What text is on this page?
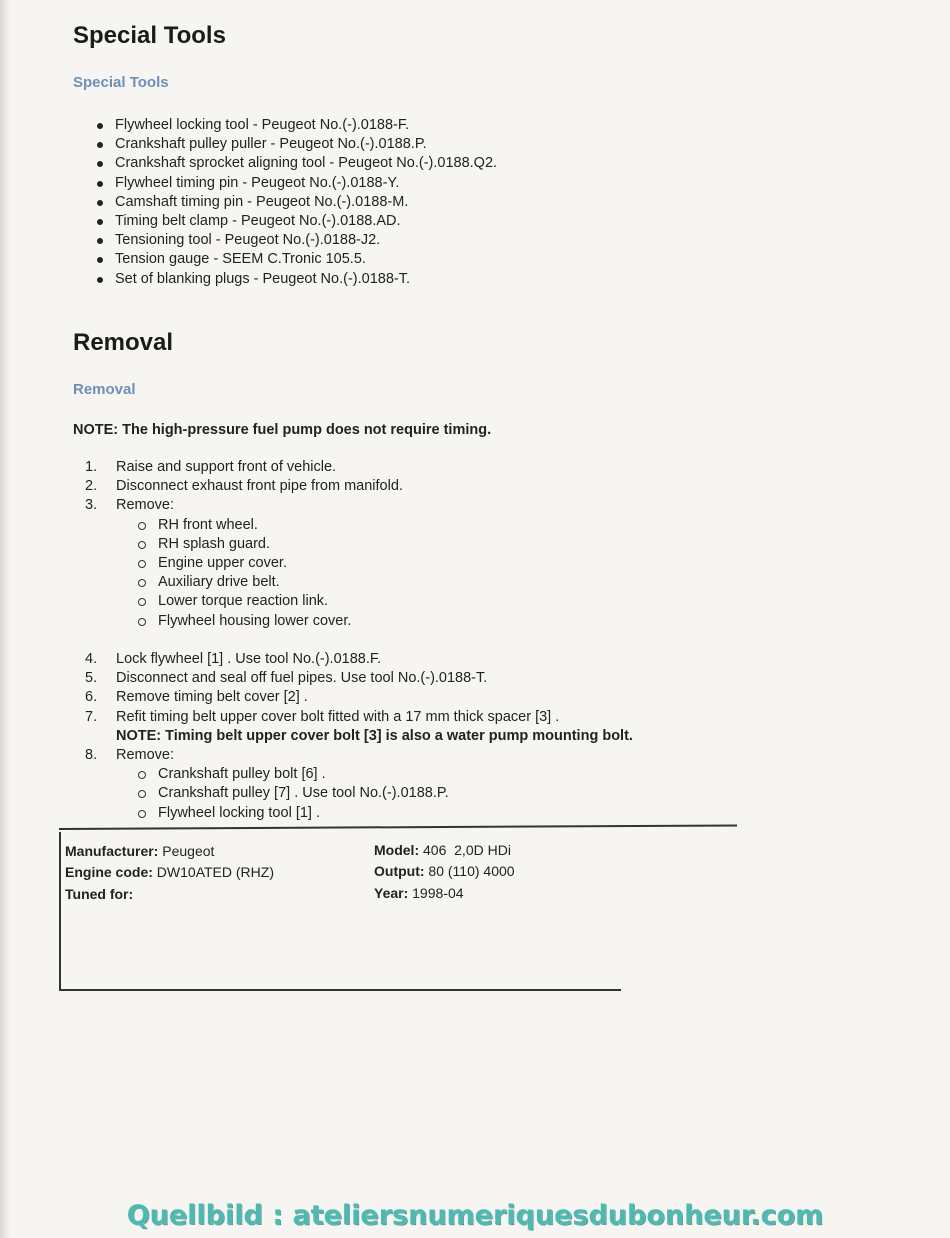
Special Tools
Special Tools
Flywheel locking tool - Peugeot No.(-).0188-F.
Crankshaft pulley puller - Peugeot No.(-).0188.P.
Crankshaft sprocket aligning tool - Peugeot No.(-).0188.Q2.
Flywheel timing pin - Peugeot No.(-).0188-Y.
Camshaft timing pin - Peugeot No.(-).0188-M.
Timing belt clamp - Peugeot No.(-).0188.AD.
Tensioning tool - Peugeot No.(-).0188-J2.
Tension gauge - SEEM C.Tronic 105.5.
Set of blanking plugs - Peugeot No.(-).0188-T.
Removal
Removal

NOTE: The high-pressure fuel pump does not require timing.

1. Raise and support front of vehicle.
2. Disconnect exhaust front pipe from manifold.
3. Remove:
RH front wheel.
RH splash guard.
Engine upper cover.
Auxiliary drive belt.
Lower torque reaction link.
Flywheel housing lower cover.
4. Lock flywheel [1] . Use tool No.(-).0188.F.
5. Disconnect and seal off fuel pipes. Use tool No.(-).0188-T.
6. Remove timing belt cover [2] .
7. Refit timing belt upper cover bolt fitted with a 17 mm thick spacer [3] .
NOTE: Timing belt upper cover bolt [3] is also a water pump mounting bolt.
8. Remove:
Crankshaft pulley bolt [6] .
Crankshaft pulley [7] . Use tool No.(-).0188.P.
Flywheel locking tool [1] .
Manufacturer: Peugeot
Engine code: DW10ATED (RHZ)
Tuned for:
Model: 406  2,0D HDi
Output: 80 (110) 4000
Year: 1998-04
Quellbild : ateliersnumeriquesdubonheur.com
